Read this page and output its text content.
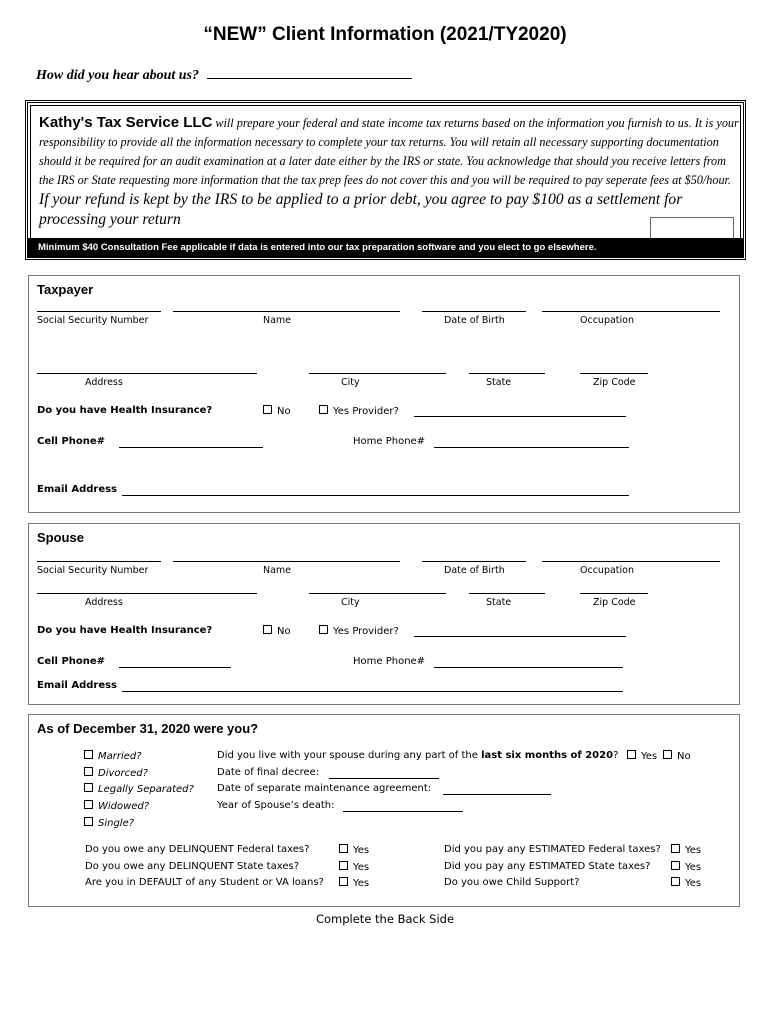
“NEW” Client Information (2021/TY2020)
How did you hear about us?
Kathy's Tax Service LLC will prepare your federal and state income tax returns based on the information you furnish to us. It is your responsibility to provide all the information necessary to complete your tax returns. You will retain all necessary supporting documentation should it be required for an audit examination at a later date either by the IRS or state. You acknowledge that should you receive letters from the IRS or State requesting more information that the tax prep fees do not cover this and you will be required to pay seperate fees at $50/hour. If your refund is kept by the IRS to be applied to a prior debt, you agree to pay $100 as a settlement for processing your return
Minimum $40 Consultation Fee applicable if data is entered into our tax preparation software and you elect to go elsewhere.
Taxpayer
Social Security Number	Name	Date of Birth	Occupation
Address	City	State	Zip Code
Do you have Health Insurance?	No	Yes Provider?
Cell Phone#	Home Phone#
Email Address
Spouse
Social Security Number	Name	Date of Birth	Occupation
Address	City	State	Zip Code
Do you have Health Insurance?	No	Yes Provider?
Cell Phone#	Home Phone#
Email Address
As of December 31, 2020 were you?
Married?
Divorced?
Legally Separated?
Widowed?
Single?
Did you live with your spouse during any part of the last six months of 2020?	Yes	No
Date of final decree:
Date of separate maintenance agreement:
Year of Spouse’s death:
Do you owe any DELINQUENT Federal taxes?	Yes
Do you owe any DELINQUENT State taxes?	Yes
Are you in DEFAULT of any Student or VA loans?	Yes
Did you pay any ESTIMATED Federal taxes?	Yes
Did you pay any ESTIMATED State taxes?	Yes
Do you owe Child Support?	Yes
Complete the Back Side
